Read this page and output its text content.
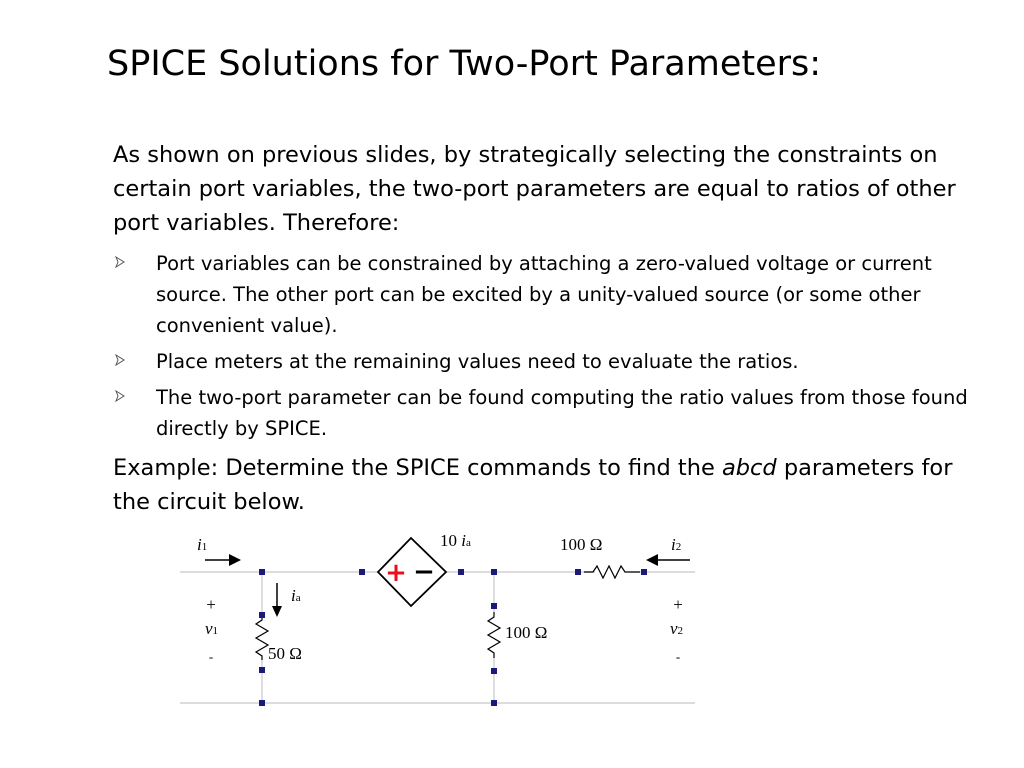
SPICE Solutions for Two-Port Parameters:
As shown on previous slides, by strategically selecting the constraints on certain port variables, the two-port parameters are equal to ratios of other port variables. Therefore:
Port variables can be constrained by attaching a zero-valued voltage or current source. The other port can be excited by a unity-valued source (or some other convenient value).
Place meters at the remaining values need to evaluate the ratios.
The two-port parameter can be found computing the ratio values from those found directly by SPICE.
Example: Determine the SPICE commands to find the abcd parameters for the circuit below.
+ −
i1	i2
ia
10 ia	100 Ω
100 Ω
50 Ω
+
v1
-
+
v2
-
